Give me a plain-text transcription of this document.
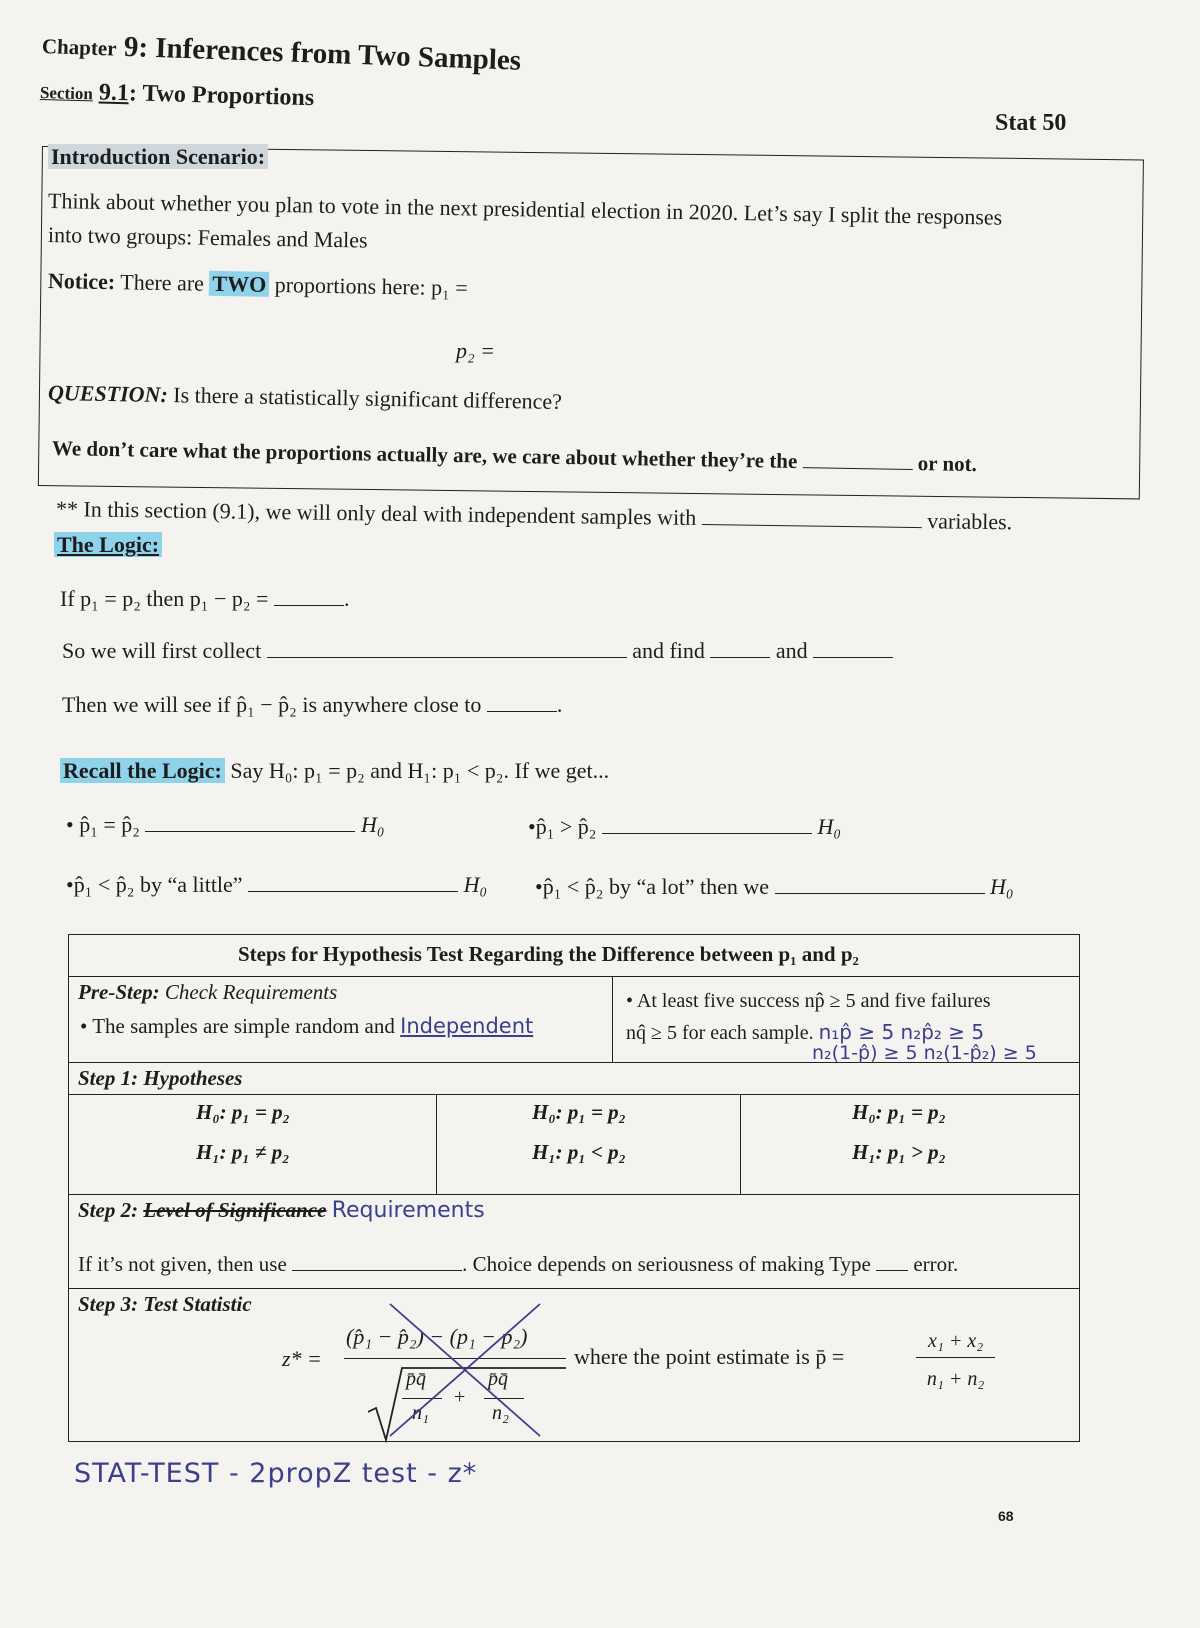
Chapter 9: Inferences from Two Samples
Section 9.1: Two Proportions
Stat 50
Introduction Scenario:
Think about whether you plan to vote in the next presidential election in 2020. Let’s say I split the responses
into two groups: Females and Males
Notice: There are TWO proportions here: p₁ =
p₂ =
QUESTION: Is there a statistically significant difference?
We don’t care what the proportions actually are, we care about whether they’re the	or not.
** In this section (9.1), we will only deal with independent samples with	variables.
The Logic:
If p₁ = p₂ then p₁ − p₂ =	.
So we will first collect	and find	and
Then we will see if p̂₁ − p̂₂ is anywhere close to	.
Recall the Logic: Say H₀: p₁ = p₂ and H₁: p₁ < p₂. If we get...
• p̂₁ = p̂₂	H₀	•p̂₁ > p̂₂	H₀
•p̂₁ < p̂₂ by “a little”	H₀ •p̂₁ < p̂₂ by “a lot” then we	H₀
Steps for Hypothesis Test Regarding the Difference between p₁ and p₂
Pre-Step: Check Requirements
• The samples are simple random and Independent
• At least five success np̂ ≥ 5 and five failures
nq̂ ≥ 5 for each sample. n₁p̂ ≥ 5 n₂p̂₂ ≥ 5
n₂(1-p̂) ≥ 5 n₂(1-p̂₂) ≥ 5
Step 1: Hypotheses
H₀: p₁ = p₂
H₁: p₁ ≠ p₂
H₀: p₁ = p₂
H₁: p₁ < p₂
H₀: p₁ = p₂
H₁: p₁ > p₂
Step 2: Level of Significance Requirements
If it’s not given, then use	. Choice depends on seriousness of making Type error.
Step 3: Test Statistic
z* =
(p̂₁ − p̂₂) − (p₁ − p₂)
p̄q̄
n₁
+
p̄q̄
n₂
where the point estimate is p̄ =	$\frac{\text{x₁ + x₂}}{\text{n₁ + n₂}}$
STAT-TEST - 2propZ test - z*
68
